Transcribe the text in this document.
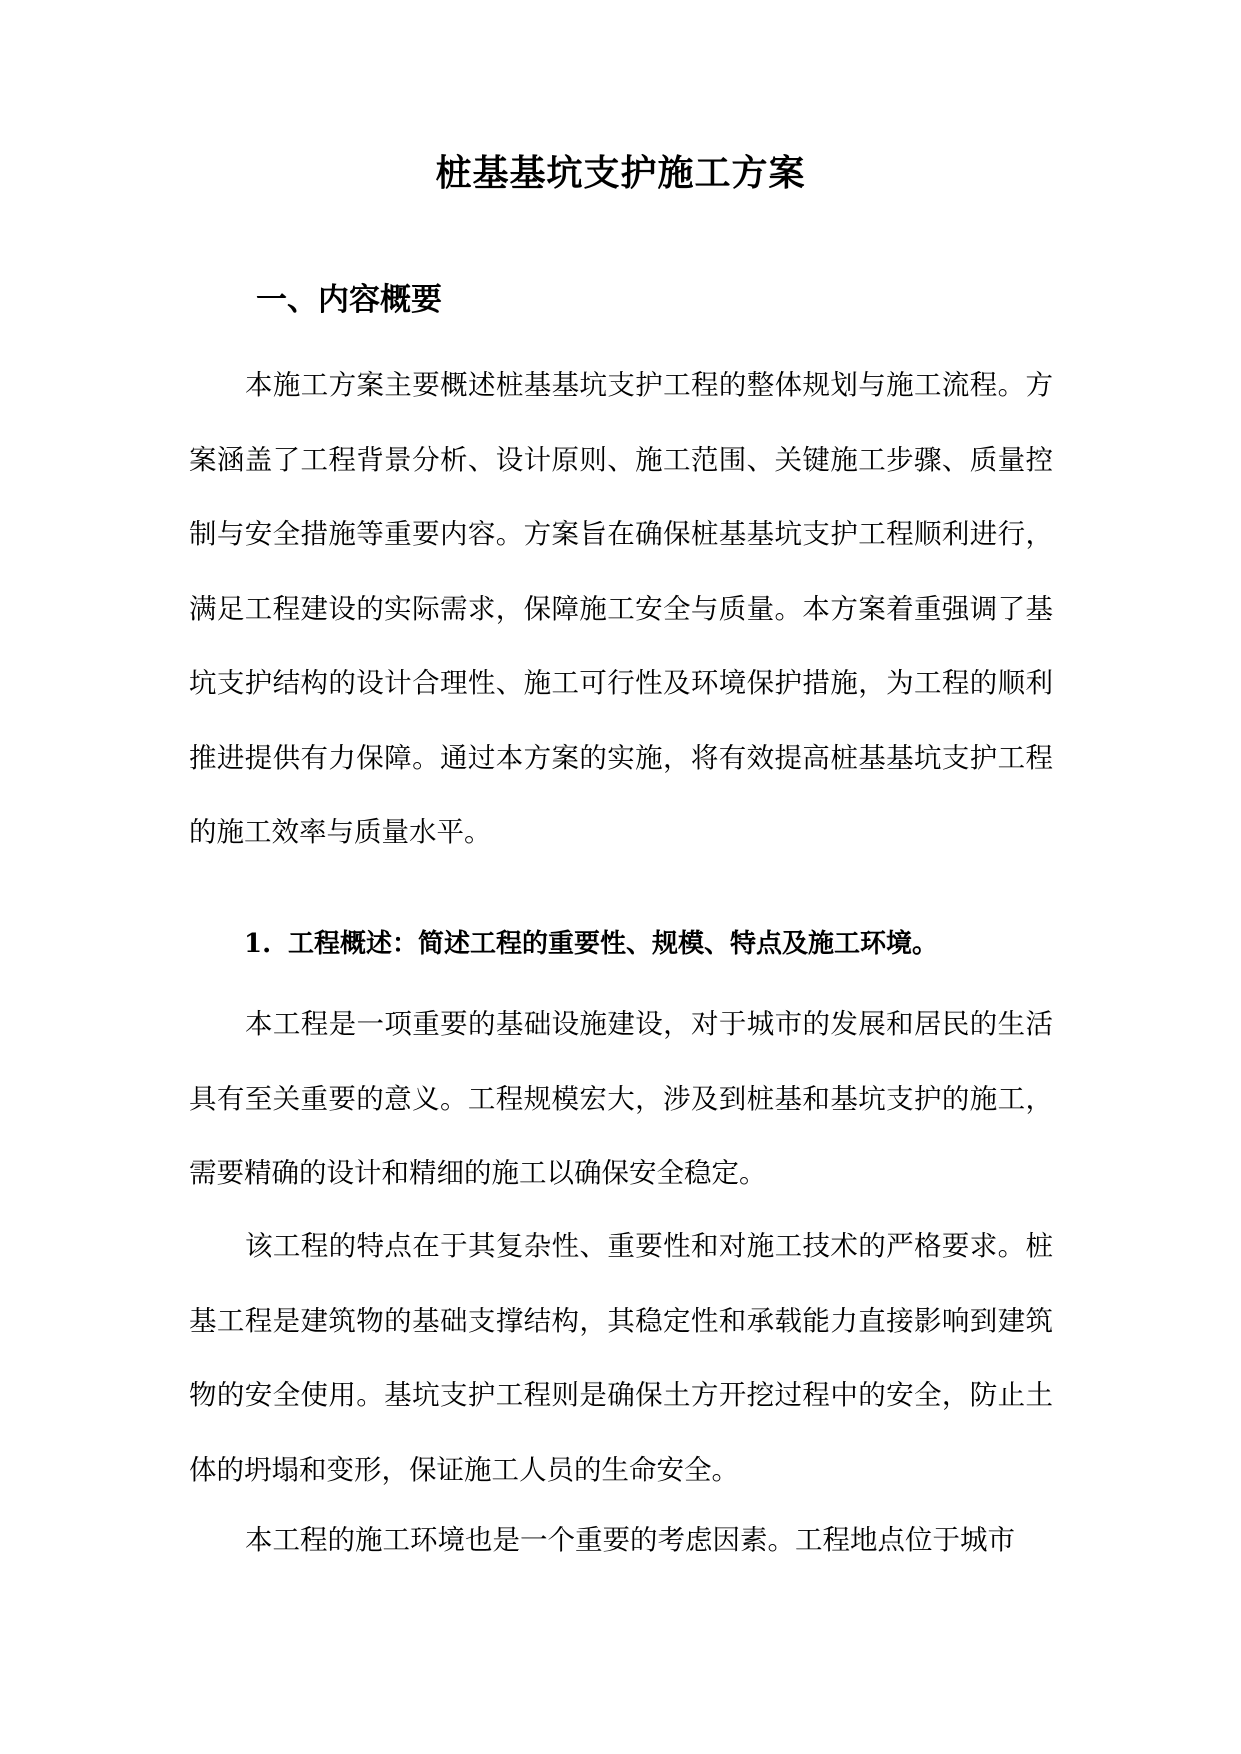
桩基基坑支护施工方案
一、内容概要

本施工方案主要概述桩基基坑支护工程的整体规划与施工流程。方案涵盖了工程背景分析、设计原则、施工范围、关键施工步骤、质量控制与安全措施等重要内容。方案旨在确保桩基基坑支护工程顺利进行，满足工程建设的实际需求，保障施工安全与质量。本方案着重强调了基坑支护结构的设计合理性、施工可行性及环境保护措施，为工程的顺利推进提供有力保障。通过本方案的实施，将有效提高桩基基坑支护工程的施工效率与质量水平。

1. 工程概述：简述工程的重要性、规模、特点及施工环境。

本工程是一项重要的基础设施建设，对于城市的发展和居民的生活具有至关重要的意义。工程规模宏大，涉及到桩基和基坑支护的施工，需要精确的设计和精细的施工以确保安全稳定。

该工程的特点在于其复杂性、重要性和对施工技术的严格要求。桩基工程是建筑物的基础支撑结构，其稳定性和承载能力直接影响到建筑物的安全使用。基坑支护工程则是确保土方开挖过程中的安全，防止土体的坍塌和变形，保证施工人员的生命安全。

本工程的施工环境也是一个重要的考虑因素。工程地点位于城市
